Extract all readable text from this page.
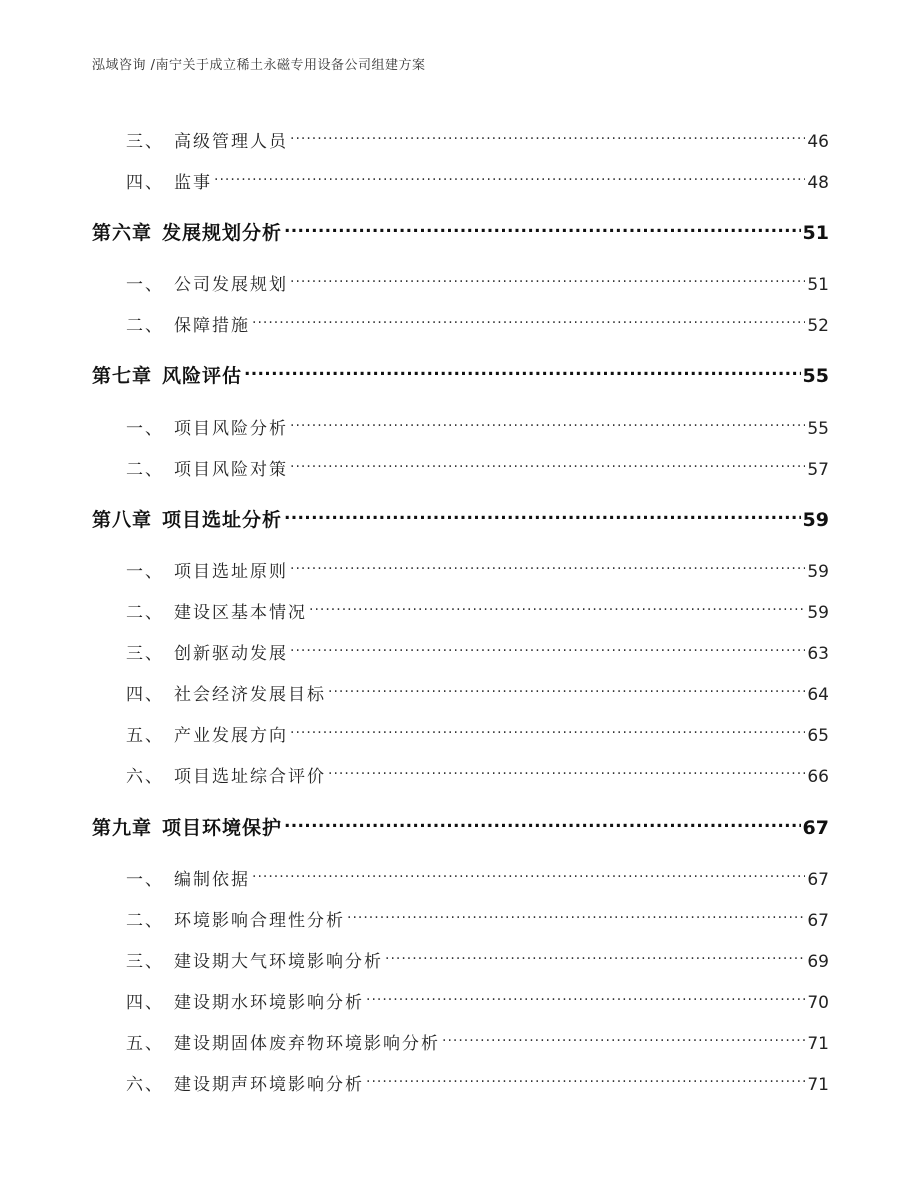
泓域咨询 /南宁关于成立稀土永磁专用设备公司组建方案
三、 高级管理人员 .....	46
四、 监事 .....	48
第六章 发展规划分析 .....	51
一、 公司发展规划 .....	51
二、 保障措施 .....	52
第七章 风险评估 .....	55
一、 项目风险分析 .....	55
二、 项目风险对策 .....	57
第八章 项目选址分析 .....	59
一、 项目选址原则 .....	59
二、 建设区基本情况 .....	59
三、 创新驱动发展 .....	63
四、 社会经济发展目标 .....	64
五、 产业发展方向 .....	65
六、 项目选址综合评价 .....	66
第九章 项目环境保护 .....	67
一、 编制依据 .....	67
二、 环境影响合理性分析 .....	67
三、 建设期大气环境影响分析 .....	69
四、 建设期水环境影响分析 .....	70
五、 建设期固体废弃物环境影响分析 .....	71
六、 建设期声环境影响分析 .....	71
